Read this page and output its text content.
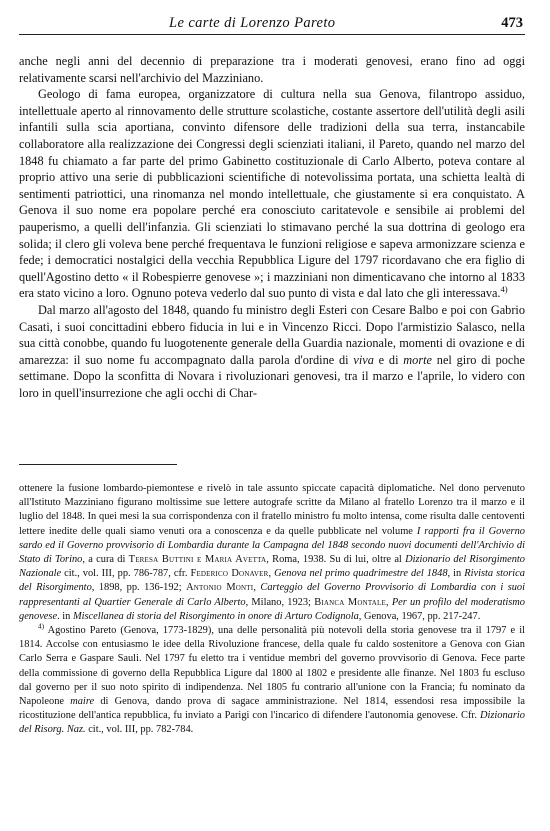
Le carte di Lorenzo Pareto	473

anche negli anni del decennio di preparazione tra i moderati genovesi, erano fino ad oggi relativamente scarsi nell'archivio del Mazziniano.

Geologo di fama europea, organizzatore di cultura nella sua Genova, filantropo assiduo, intellettuale aperto al rinnovamento delle strutture scolastiche, costante assertore dell'utilità degli asili infantili sulla scia aportiana, convinto difensore delle tradizioni della sua terra, instancabile collaboratore alla realizzazione dei Congressi degli scienziati italiani, il Pareto, quando nel marzo del 1848 fu chiamato a far parte del primo Gabinetto costituzionale di Carlo Alberto, poteva contare al proprio attivo una serie di pubblicazioni scientifiche di notevolissima portata, una schietta lealtà di sentimenti patriottici, una rinomanza nel mondo intellettuale, che giustamente si era conquistato. A Genova il suo nome era popolare perché era conosciuto caritatevole e sensibile ai problemi del pauperismo, a quelli dell'infanzia. Gli scienziati lo stimavano perché la sua dottrina di geologo era solida; il clero gli voleva bene perché frequentava le funzioni religiose e sapeva armonizzare scienza e fede; i democratici nostalgici della vecchia Repubblica Ligure del 1797 ricordavano che era figlio di quell'Agostino detto « il Robespierre genovese »; i mazziniani non dimenticavano che intorno al 1833 era stato vicino a loro. Ognuno poteva vederlo dal suo punto di vista e dal lato che gli interessava.$^{4)}$

Dal marzo all'agosto del 1848, quando fu ministro degli Esteri con Cesare Balbo e poi con Gabrio Casati, i suoi concittadini ebbero fiducia in lui e in Vincenzo Ricci. Dopo l'armistizio Salasco, nella sua città conobbe, quando fu luogotenente generale della Guardia nazionale, momenti di ovazione e di amarezza: il suo nome fu accompagnato dalla parola d'ordine di viva e di morte nel giro di poche settimane. Dopo la sconfitta di Novara i rivoluzionari genovesi, tra il marzo e l'aprile, lo videro con loro in quell'insurrezione che agli occhi di Char-

ottenere la fusione lombardo-piemontese e rivelò in tale assunto spiccate capacità diplomatiche. Nel dono pervenuto all'Istituto Mazziniano figurano moltissime sue lettere autografe scritte da Milano al fratello Lorenzo tra il marzo e il luglio del 1848. In quei mesi la sua corrispondenza con il fratello ministro fu molto intensa, come risulta dalle centoventi lettere inedite delle quali siamo venuti ora a conoscenza e da quelle pubblicate nel volume I rapporti fra il Governo sardo ed il Governo provvisorio di Lombardia durante la Campagna del 1848 secondo nuovi documenti dell'Archivio di Stato di Torino, a cura di Teresa Buttini e Maria Avetta, Roma, 1938. Su di lui, oltre al Dizionario del Risorgimento Nazionale cit., vol. III, pp. 786-787, cfr. Federico Donaver, Genova nel primo quadrimestre del 1848, in Rivista storica del Risorgimento, 1898, pp. 136-192; Antonio Monti, Carteggio del Governo Provvisorio di Lombardia con i suoi rappresentanti al Quartier Generale di Carlo Alberto, Milano, 1923; Bianca Montale, Per un profilo del moderatismo genovese. in Miscellanea di storia del Risorgimento in onore di Arturo Codignola, Genova, 1967, pp. 217-247.

$^{4)}$ Agostino Pareto (Genova, 1773-1829), una delle personalità più notevoli della storia genovese tra il 1797 e il 1814. Accolse con entusiasmo le idee della Rivoluzione francese, della quale fu caldo sostenitore a Genova con Gian Carlo Serra e Gaspare Sauli. Nel 1797 fu eletto tra i ventidue membri del governo provvisorio di Genova. Fece parte della commissione di governo della Repubblica Ligure dal 1800 al 1802 e presidente alle finanze. Nel 1803 fu escluso dal governo per il suo noto spirito di indipendenza. Nel 1805 fu contrario all'unione con la Francia; fu nominato da Napoleone maire di Genova, dando prova di sagace amministrazione. Nel 1814, essendosi resa impossibile la ricostituzione dell'antica repubblica, fu inviato a Parigi con l'incarico di difendere l'autonomia genovese. Cfr. Dizionario del Risorg. Naz. cit., vol. III, pp. 782-784.
